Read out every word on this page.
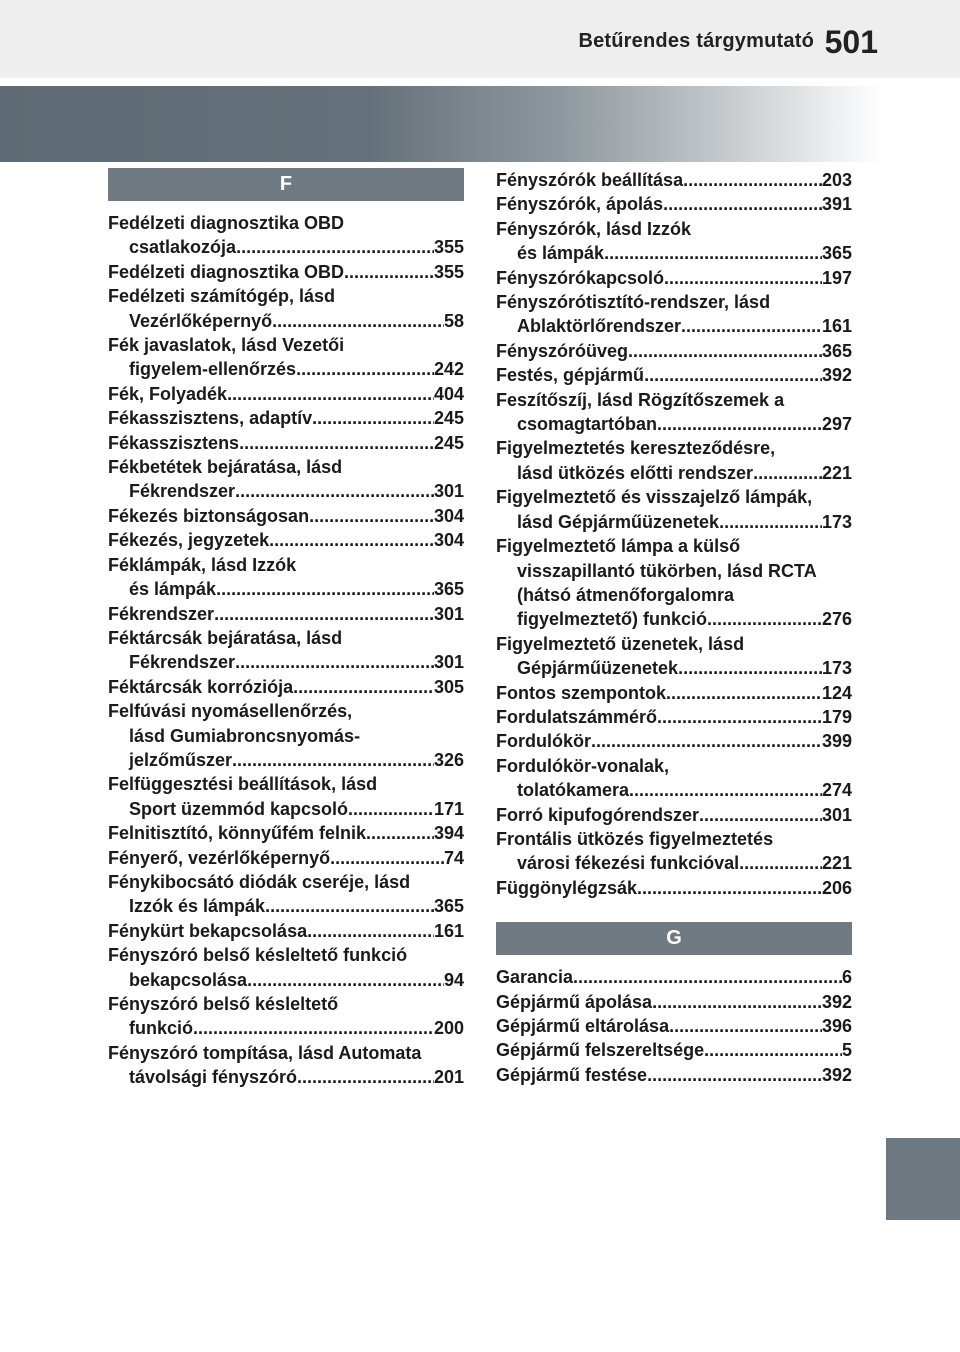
Betűrendes tárgymutató 501
F
Fedélzeti diagnosztika OBD
csatlakozója .....	355
Fedélzeti diagnosztika OBD .....	355
Fedélzeti számítógép, lásd
Vezérlőképernyő .....	58
Fék javaslatok, lásd Vezetői
figyelem-ellenőrzés .....	242
Fék, Folyadék .....	404
Fékasszisztens, adaptív .....	245
Fékasszisztens .....	245
Fékbetétek bejáratása, lásd
Fékrendszer .....	301
Fékezés biztonságosan .....	304
Fékezés, jegyzetek .....	304
Féklámpák, lásd Izzók
és lámpák .....	365
Fékrendszer .....	301
Féktárcsák bejáratása, lásd
Fékrendszer .....	301
Féktárcsák korróziója .....	305
Felfúvási nyomásellenőrzés,
lásd Gumiabroncsnyomás-
jelzőműszer .....	326
Felfüggesztési beállítások, lásd
Sport üzemmód kapcsoló .....	171
Felnitisztító, könnyűfém felnik .....	394
Fényerő, vezérlőképernyő .....	74
Fénykibocsátó diódák cseréje, lásd
Izzók és lámpák .....	365
Fénykürt bekapcsolása .....	161
Fényszóró belső késleltető funkció
bekapcsolása .....	94
Fényszóró belső késleltető
funkció .....	200
Fényszóró tompítása, lásd Automata
távolsági fényszóró .....	201
Fényszórók beállítása .....	203
Fényszórók, ápolás .....	391
Fényszórók, lásd Izzók
és lámpák .....	365
Fényszórókapcsoló .....	197
Fényszórótisztító-rendszer, lásd
Ablaktörlőrendszer .....	161
Fényszóróüveg .....	365
Festés, gépjármű .....	392
Feszítőszíj, lásd Rögzítőszemek a
csomagtartóban .....	297
Figyelmeztetés kereszteződésre,
lásd ütközés előtti rendszer .....	221
Figyelmeztető és visszajelző lámpák,
lásd Gépjárműüzenetek .....	173
Figyelmeztető lámpa a külső
visszapillantó tükörben, lásd RCTA
(hátsó átmenőforgalomra
figyelmeztető) funkció .....	276
Figyelmeztető üzenetek, lásd
Gépjárműüzenetek .....	173
Fontos szempontok .....	124
Fordulatszámmérő .....	179
Fordulókör .....	399
Fordulókör-vonalak,
tolatókamera .....	274
Forró kipufogórendszer .....	301
Frontális ütközés figyelmeztetés
városi fékezési funkcióval .....	221
Függönylégzsák .....	206
G
Garancia .....	6
Gépjármű ápolása .....	392
Gépjármű eltárolása .....	396
Gépjármű felszereltsége .....	5
Gépjármű festése .....	392
